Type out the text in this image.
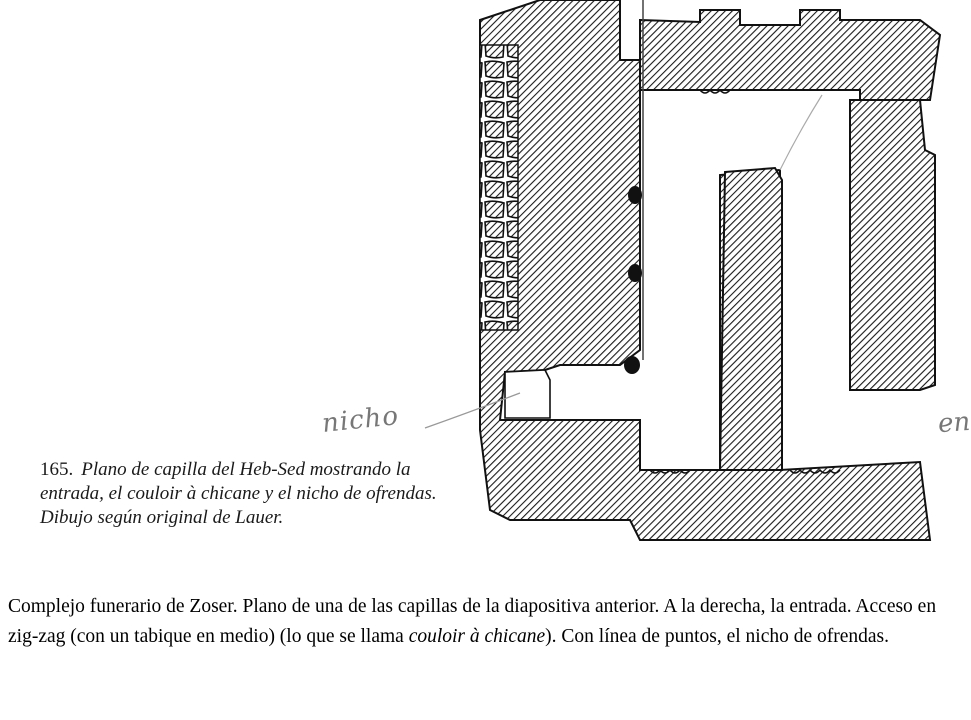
nicho	en
165. Plano de capilla del Heb-Sed mostrando la entrada, el couloir à chicane y el nicho de ofrendas. Dibujo según original de Lauer.
Complejo funerario de Zoser. Plano de una de las capillas de la diapositiva anterior. A la derecha, la entrada. Acceso en zig-zag (con un tabique en medio) (lo que se llama couloir à chicane). Con línea de puntos, el nicho de ofrendas.
